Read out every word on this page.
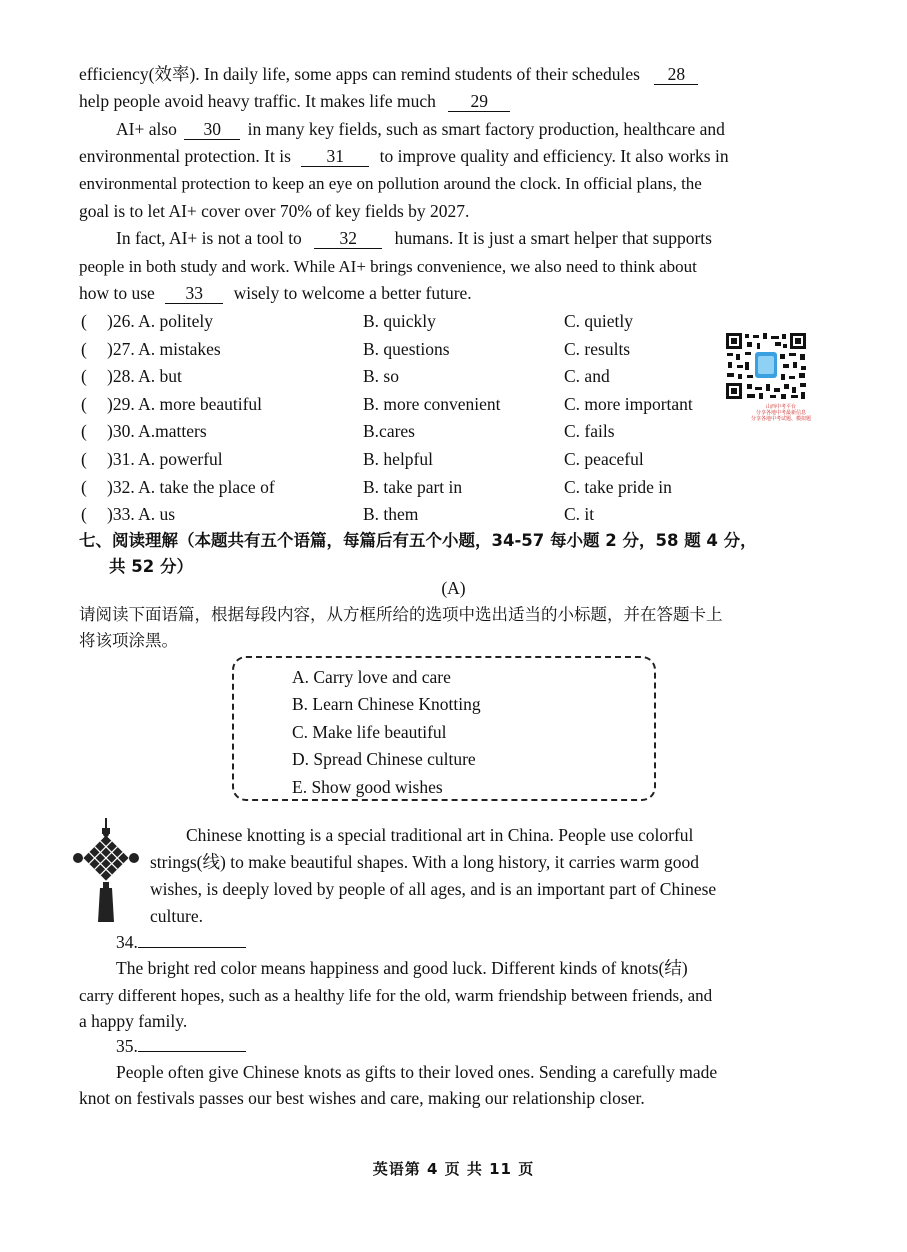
efficiency(效率). In daily life, some apps can remind students of their schedules 28
help people avoid heavy traffic. It makes life much 29
AI+ also 30 in many key fields, such as smart factory production, healthcare and
environmental protection. It is 31 to improve quality and efficiency. It also works in
environmental protection to keep an eye on pollution around the clock. In official plans, the
goal is to let AI+ cover over 70% of key fields by 2027.
In fact, AI+ is not a tool to 32 humans. It is just a smart helper that supports
people in both study and work. While AI+ brings convenience, we also need to think about
how to use 33 wisely to welcome a better future.
( )26. A. politely	B. quickly	C. quietly
( )27. A. mistakes	B. questions	C. results
( )28. A. but	B. so	C. and
( )29. A. more beautiful	B. more convenient	C. more important
( )30. A.matters	B.cares	C. fails
( )31. A. powerful	B. helpful	C. peaceful
( )32. A. take the place of	B. take part in	C. take pride in
( )33. A. us	B. them	C. it
山西中考平台
分享各地中考最新信息
分享各地中考试题、模拟题
七、阅读理解（本题共有五个语篇，每篇后有五个小题，34-57 每小题 2 分，58 题 4 分，
共 52 分）
(A)
请阅读下面语篇，根据每段内容，从方框所给的选项中选出适当的小标题，并在答题卡上
将该项涂黑。
A. Carry love and care
B. Learn Chinese Knotting
C. Make life beautiful
D. Spread Chinese culture
E. Show good wishes
Chinese knotting is a special traditional art in China. People use colorful
strings(线) to make beautiful shapes. With a long history, it carries warm good
wishes, is deeply loved by people of all ages, and is an important part of Chinese
culture.
34.
The bright red color means happiness and good luck. Different kinds of knots(结)
carry different hopes, such as a healthy life for the old, warm friendship between friends, and
a happy family.
35.
People often give Chinese knots as gifts to their loved ones. Sending a carefully made
knot on festivals passes our best wishes and care, making our relationship closer.
英语第 4 页 共 11 页
